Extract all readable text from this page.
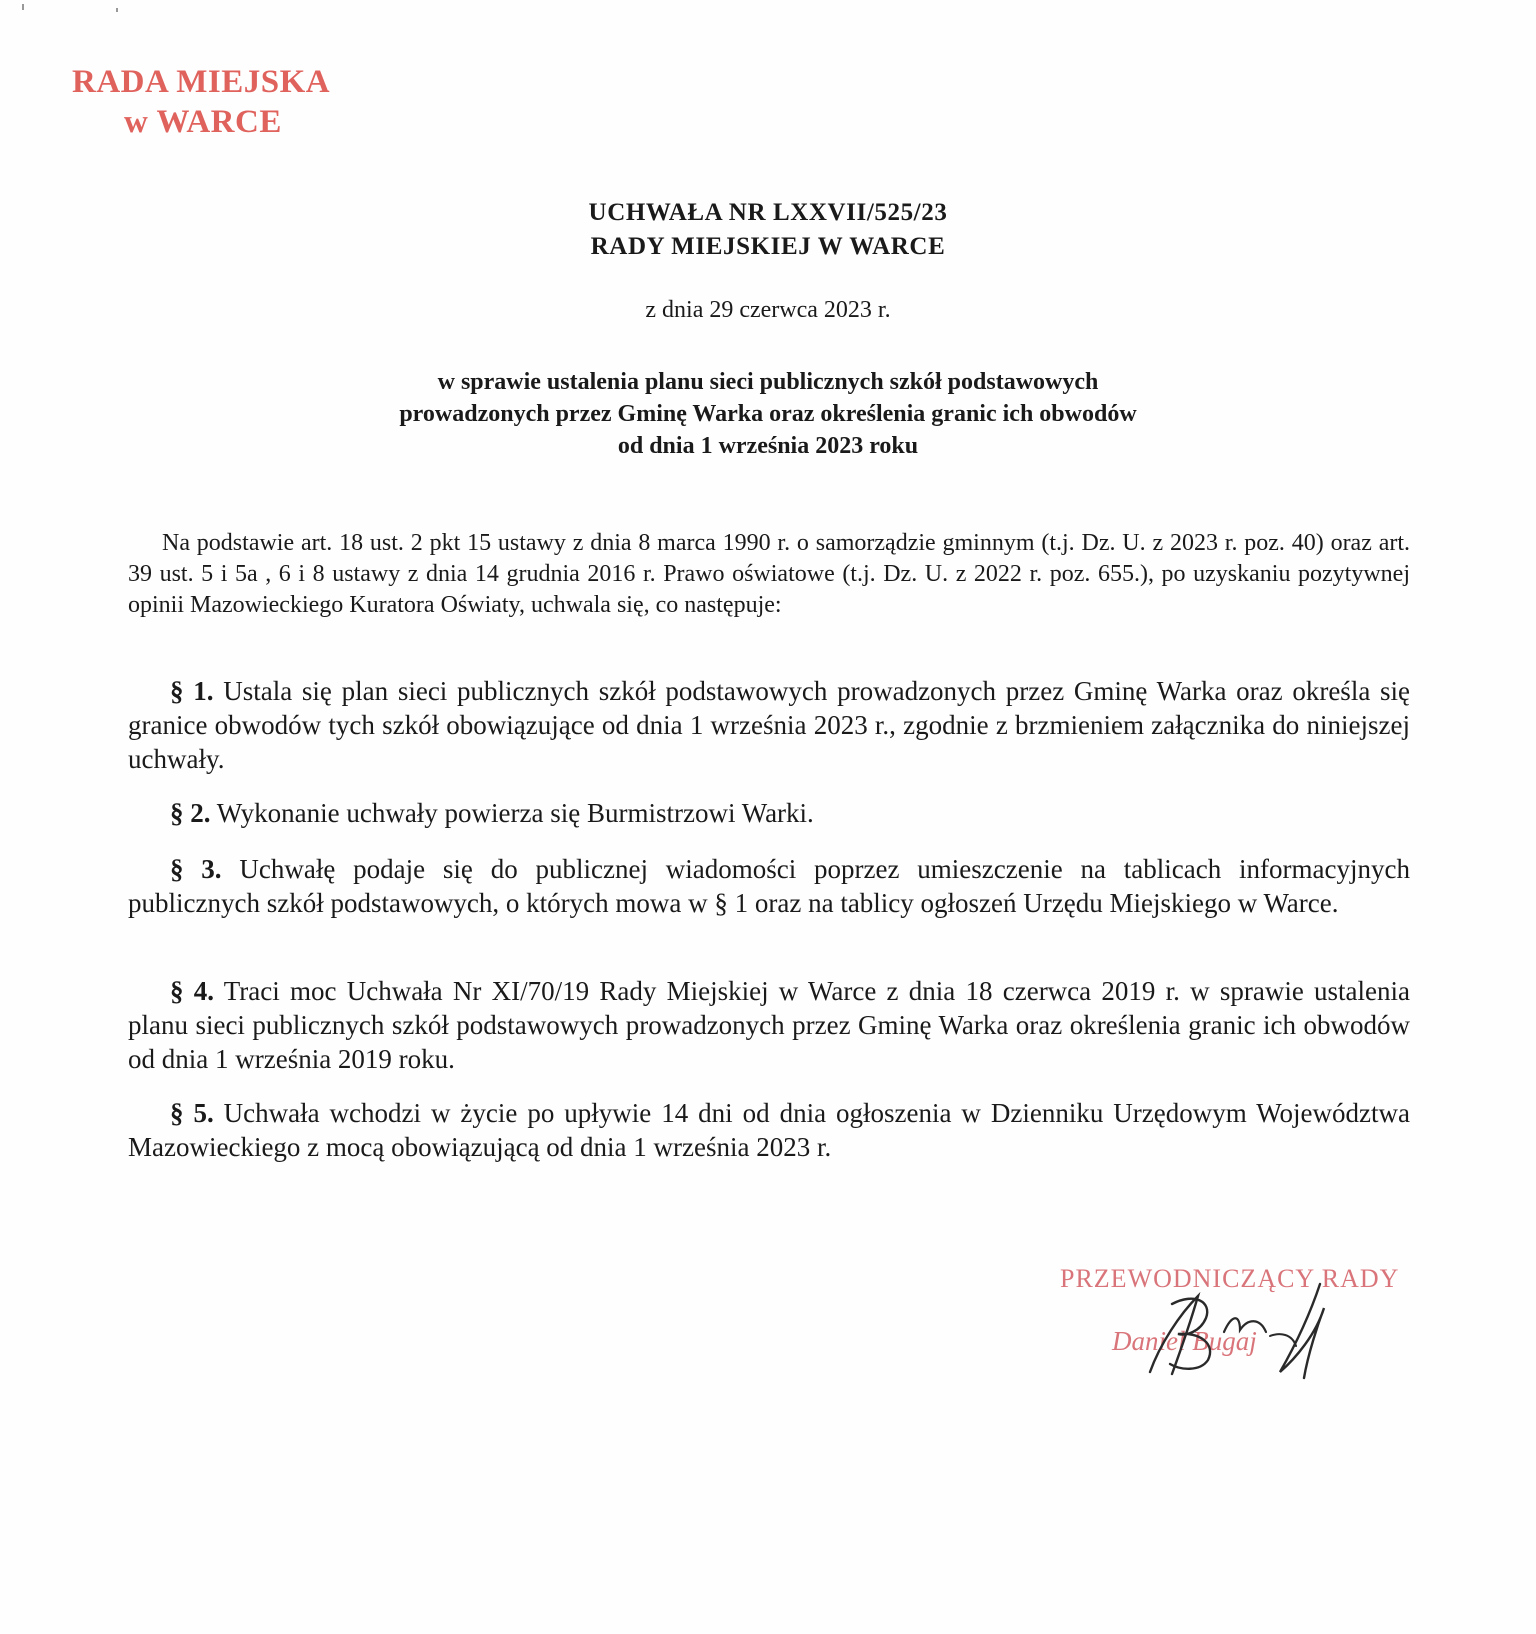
RADA MIEJSKA
w WARCE
UCHWAŁA NR LXXVII/525/23
RADY MIEJSKIEJ W WARCE
z dnia 29 czerwca 2023 r.
w sprawie ustalenia planu sieci publicznych szkół podstawowych
prowadzonych przez Gminę Warka oraz określenia granic ich obwodów
od dnia 1 września 2023 roku
Na podstawie art. 18 ust. 2 pkt 15 ustawy z dnia 8 marca 1990 r. o samorządzie gminnym (t.j. Dz. U. z 2023 r. poz. 40) oraz art. 39 ust. 5 i 5a , 6 i 8 ustawy z dnia 14 grudnia 2016 r. Prawo oświatowe (t.j. Dz. U. z 2022 r. poz. 655.), po uzyskaniu pozytywnej opinii Mazowieckiego Kuratora Oświaty, uchwala się, co następuje:

§ 1. Ustala się plan sieci publicznych szkół podstawowych prowadzonych przez Gminę Warka oraz określa się granice obwodów tych szkół obowiązujące od dnia 1 września 2023 r., zgodnie z brzmieniem załącznika do niniejszej uchwały.

§ 2. Wykonanie uchwały powierza się Burmistrzowi Warki.

§ 3. Uchwałę podaje się do publicznej wiadomości poprzez umieszczenie na tablicach informacyjnych publicznych szkół podstawowych, o których mowa w § 1 oraz na tablicy ogłoszeń Urzędu Miejskiego w Warce.

§ 4. Traci moc Uchwała Nr XI/70/19 Rady Miejskiej w Warce z dnia 18 czerwca 2019 r. w sprawie ustalenia planu sieci publicznych szkół podstawowych prowadzonych przez Gminę Warka oraz określenia granic ich obwodów od dnia 1 września 2019 roku.

§ 5. Uchwała wchodzi w życie po upływie 14 dni od dnia ogłoszenia w Dzienniku Urzędowym Województwa Mazowieckiego z mocą obowiązującą od dnia 1 września 2023 r.

PRZEWODNICZĄCY RADY
Daniel Bugaj
